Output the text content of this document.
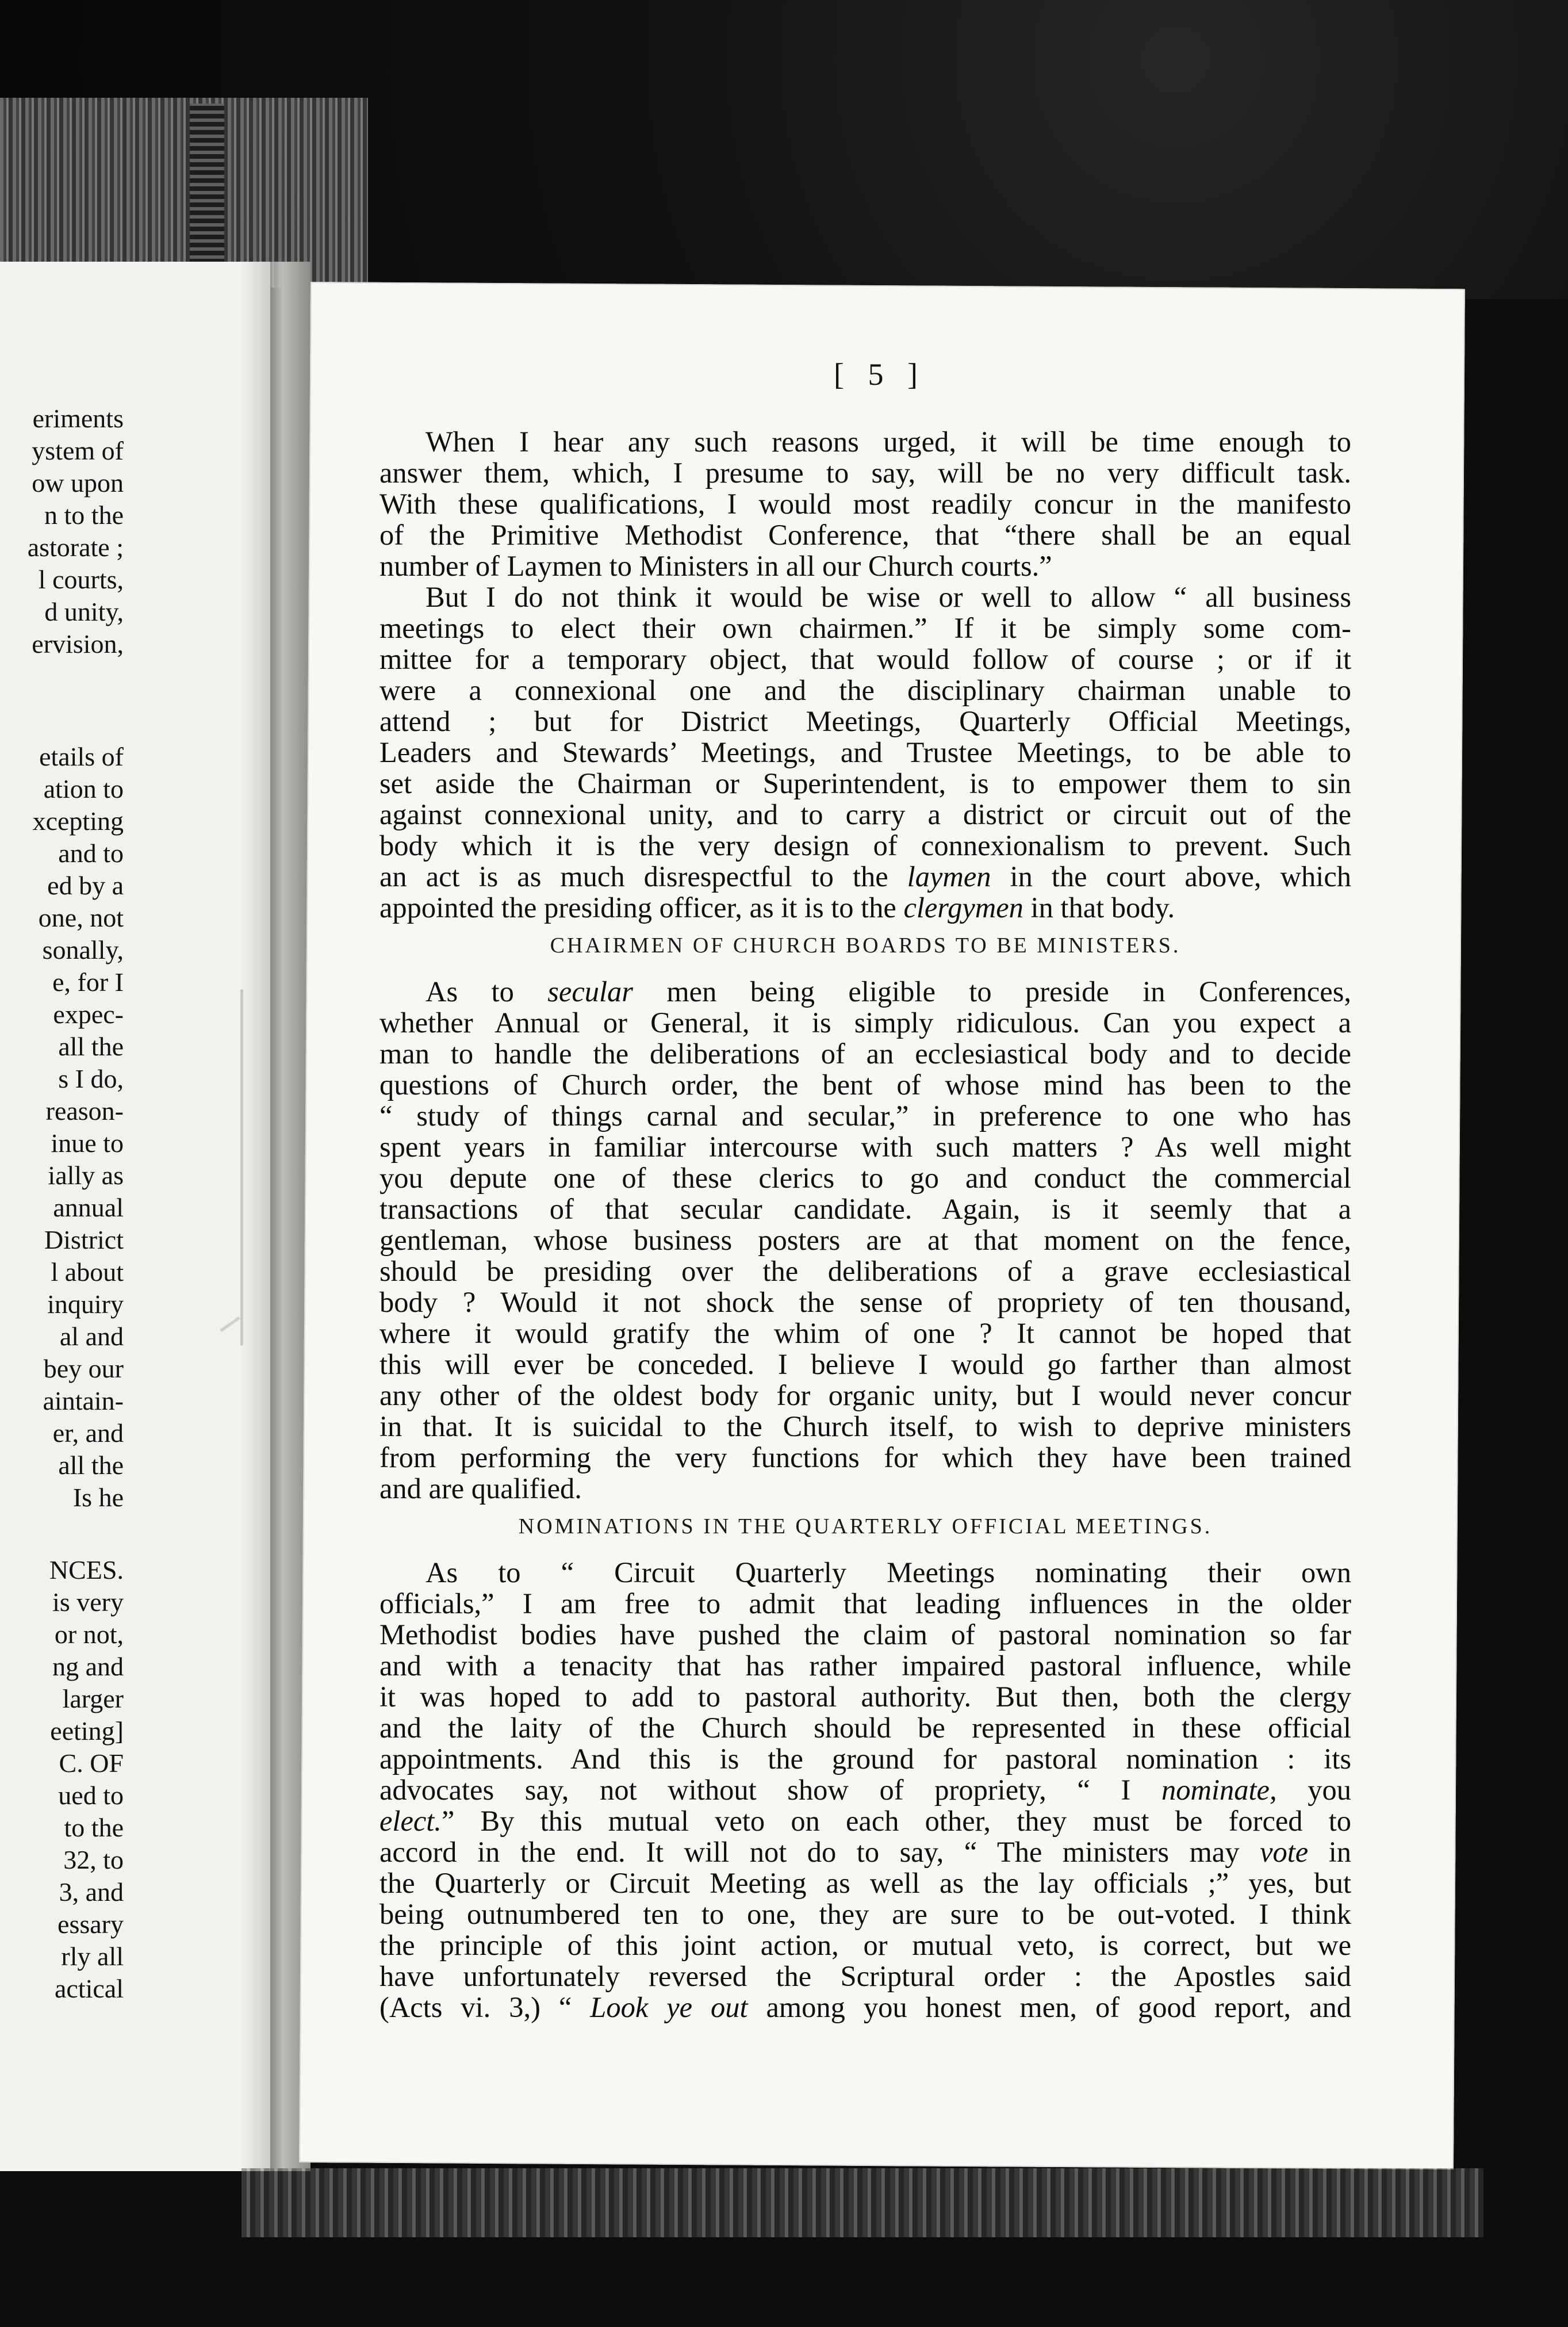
eriments
ystem of
ow upon
n to the
astorate ;
l courts,
d unity,
ervision,
etails of
ation to
xcepting
and to
ed by a
one, not
sonally,
e, for I
expec-
all the
s I do,
reason-
inue to
ially as
annual
District
l about
inquiry
al and
bey our
aintain-
er, and
all the
Is he
NCES.
is very
or not,
ng and
larger
eeting]
C. OF
ued to
to the
32, to
3, and
essary
rly all
actical
[ 5 ]
When I hear any such reasons urged, it will be time enough to
answer them, which, I presume to say, will be no very difficult task.
With these qualifications, I would most readily concur in the manifesto
of the Primitive Methodist Conference, that “there shall be an equal
number of Laymen to Ministers in all our Church courts.”
But I do not think it would be wise or well to allow “ all business
meetings to elect their own chairmen.” If it be simply some com-
mittee for a temporary object, that would follow of course ; or if it
were a connexional one and the disciplinary chairman unable to
attend ; but for District Meetings, Quarterly Official Meetings,
Leaders and Stewards’ Meetings, and Trustee Meetings, to be able to
set aside the Chairman or Superintendent, is to empower them to sin
against connexional unity, and to carry a district or circuit out of the
body which it is the very design of connexionalism to prevent. Such
an act is as much disrespectful to the laymen in the court above, which
appointed the presiding officer, as it is to the clergymen in that body.
CHAIRMEN OF CHURCH BOARDS TO BE MINISTERS.
As to secular men being eligible to preside in Conferences,
whether Annual or General, it is simply ridiculous. Can you expect a
man to handle the deliberations of an ecclesiastical body and to decide
questions of Church order, the bent of whose mind has been to the
“ study of things carnal and secular,” in preference to one who has
spent years in familiar intercourse with such matters ? As well might
you depute one of these clerics to go and conduct the commercial
transactions of that secular candidate. Again, is it seemly that a
gentleman, whose business posters are at that moment on the fence,
should be presiding over the deliberations of a grave ecclesiastical
body ? Would it not shock the sense of propriety of ten thousand,
where it would gratify the whim of one ? It cannot be hoped that
this will ever be conceded. I believe I would go farther than almost
any other of the oldest body for organic unity, but I would never concur
in that. It is suicidal to the Church itself, to wish to deprive ministers
from performing the very functions for which they have been trained
and are qualified.
NOMINATIONS IN THE QUARTERLY OFFICIAL MEETINGS.
As to “ Circuit Quarterly Meetings nominating their own
officials,” I am free to admit that leading influences in the older
Methodist bodies have pushed the claim of pastoral nomination so far
and with a tenacity that has rather impaired pastoral influence, while
it was hoped to add to pastoral authority. But then, both the clergy
and the laity of the Church should be represented in these official
appointments. And this is the ground for pastoral nomination : its
advocates say, not without show of propriety, “ I nominate, you
elect.” By this mutual veto on each other, they must be forced to
accord in the end. It will not do to say, “ The ministers may vote in
the Quarterly or Circuit Meeting as well as the lay officials ;” yes, but
being outnumbered ten to one, they are sure to be out-voted. I think
the principle of this joint action, or mutual veto, is correct, but we
have unfortunately reversed the Scriptural order : the Apostles said
(Acts vi. 3,) “ Look ye out among you honest men, of good report, and
